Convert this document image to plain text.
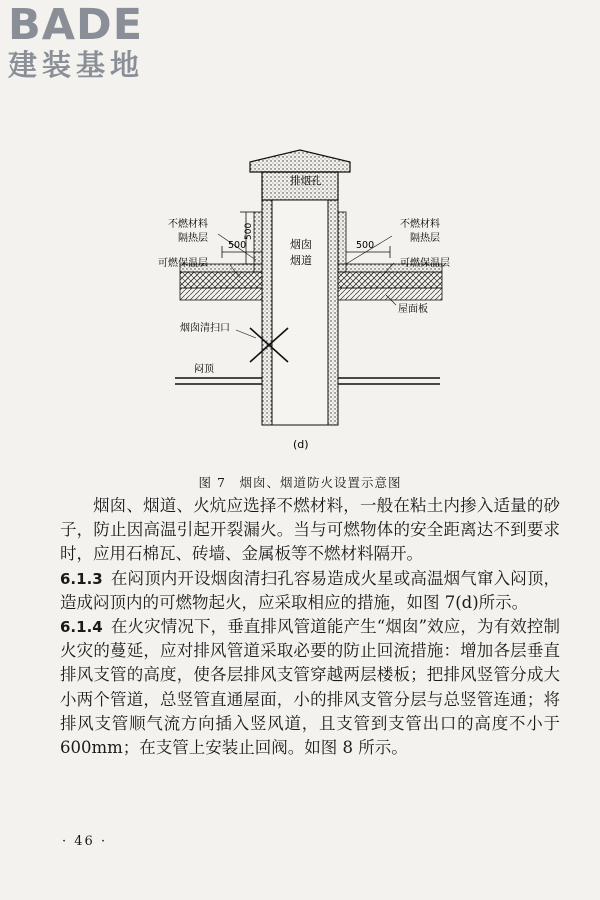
BADE
建装基地
排烟孔
不燃材料
隔热层
可燃保温层
不燃材料
隔热层
可燃保温层
烟囱
烟道
500
500	500
屋面板
烟囱清扫口
闷顶
(d)
图 7　烟囱、烟道防火设置示意图

烟囱、烟道、火炕应选择不燃材料，一般在粘土内掺入适量的砂子，防止因高温引起开裂漏火。当与可燃物体的安全距离达不到要求时，应用石棉瓦、砖墙、金属板等不燃材料隔开。

6.1.3 在闷顶内开设烟囱清扫孔容易造成火星或高温烟气窜入闷顶，造成闷顶内的可燃物起火，应采取相应的措施，如图 7(d)所示。

6.1.4 在火灾情况下，垂直排风管道能产生“烟囱”效应，为有效控制火灾的蔓延，应对排风管道采取必要的防止回流措施：增加各层垂直排风支管的高度，使各层排风支管穿越两层楼板；把排风竖管分成大小两个管道，总竖管直通屋面，小的排风支管分层与总竖管连通；将排风支管顺气流方向插入竖风道，且支管到支管出口的高度不小于 600mm；在支管上安装止回阀。如图 8 所示。

· 46 ·
